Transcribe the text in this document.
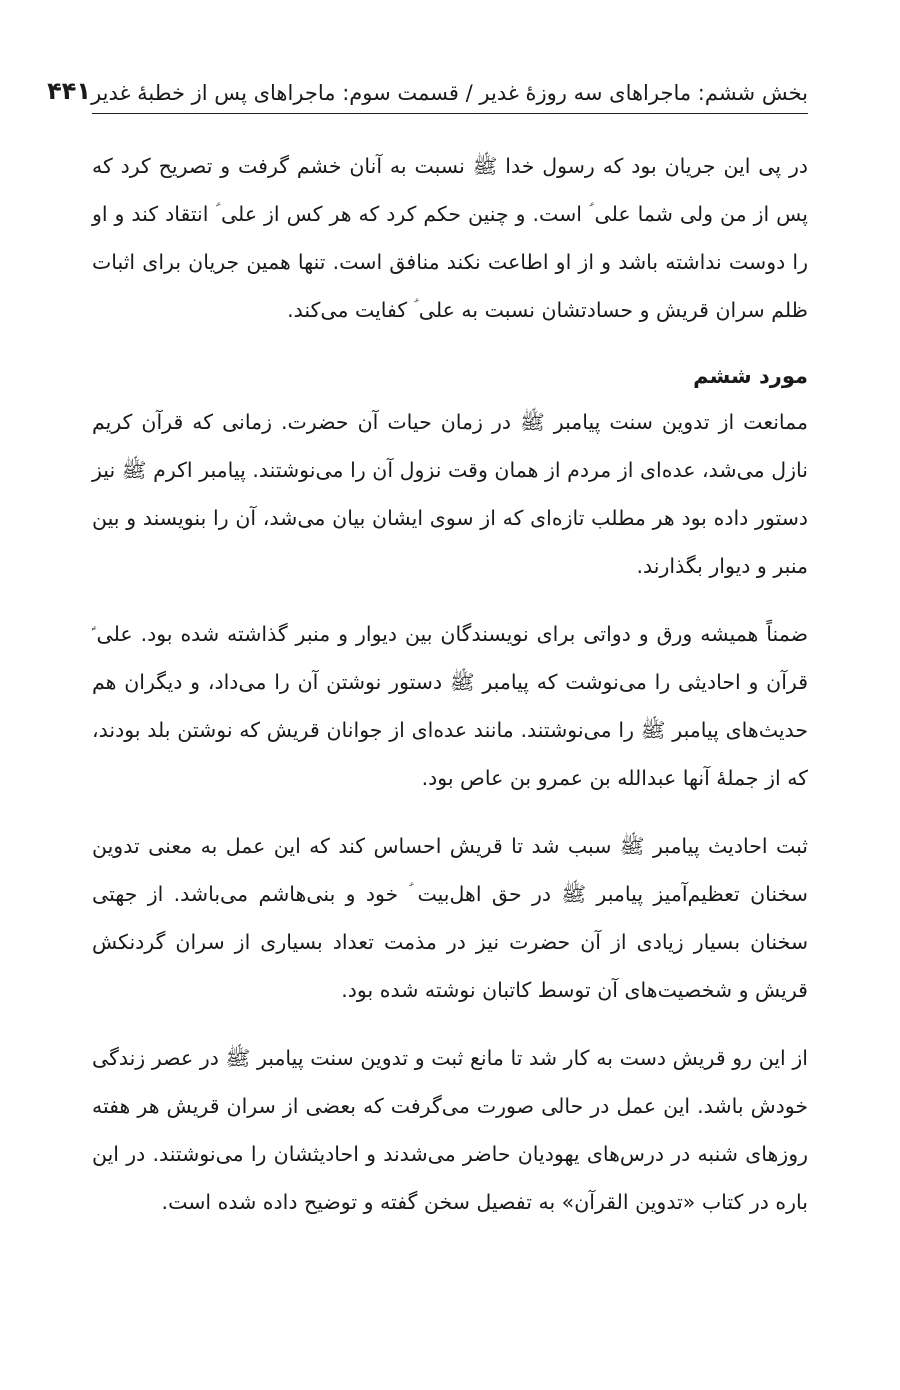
بخش ششم: ماجراهای سه روزۀ غدیر / قسمت سوم: ماجراهای پس از خطبۀ غدیر
۴۴۱

در پی این جریان بود که رسول خدا ﷺ نسبت به آنان خشم گرفت و تصریح کرد که پس از من ولی شما علی ؑ است. و چنین حکم کرد که هر کس از علی ؑ انتقاد کند و او را دوست نداشته باشد و از او اطاعت نکند منافق است. تنها همین جریان برای اثبات ظلم سران قریش و حسادتشان نسبت به علی ؑ کفایت می‌کند.

مورد ششم

ممانعت از تدوین سنت پیامبر ﷺ در زمان حیات آن حضرت. زمانی که قرآن کریم نازل می‌شد، عده‌ای از مردم از همان وقت نزول آن را می‌نوشتند. پیامبر اکرم ﷺ نیز دستور داده بود هر مطلب تازه‌ای که از سوی ایشان بیان می‌شد، آن را بنویسند و بین منبر و دیوار بگذارند.

ضمناً همیشه ورق و دواتی برای نویسندگان بین دیوار و منبر گذاشته شده بود. علی ؑ قرآن و احادیثی را می‌نوشت که پیامبر ﷺ دستور نوشتن آن را می‌داد، و دیگران هم حدیث‌های پیامبر ﷺ را می‌نوشتند. مانند عده‌ای از جوانان قریش که نوشتن بلد بودند، که از جملۀ آنها عبدالله بن عمرو بن عاص بود.

ثبت احادیث پیامبر ﷺ سبب شد تا قریش احساس کند که این عمل به معنی تدوین سخنان تعظیم‌آمیز پیامبر ﷺ در حق اهل‌بیت ؑ خود و بنی‌هاشم می‌باشد. از جهتی سخنان بسیار زیادی از آن حضرت نیز در مذمت تعداد بسیاری از سران گردنکش قریش و شخصیت‌های آن توسط کاتبان نوشته شده بود.

از این رو قریش دست به کار شد تا مانع ثبت و تدوین سنت پیامبر ﷺ در عصر زندگی خودش باشد. این عمل در حالی صورت می‌گرفت که بعضی از سران قریش هر هفته روزهای شنبه در درس‌های یهودیان حاضر می‌شدند و احادیثشان را می‌نوشتند. در این باره در کتاب «تدوین القرآن» به تفصیل سخن گفته و توضیح داده شده است.
